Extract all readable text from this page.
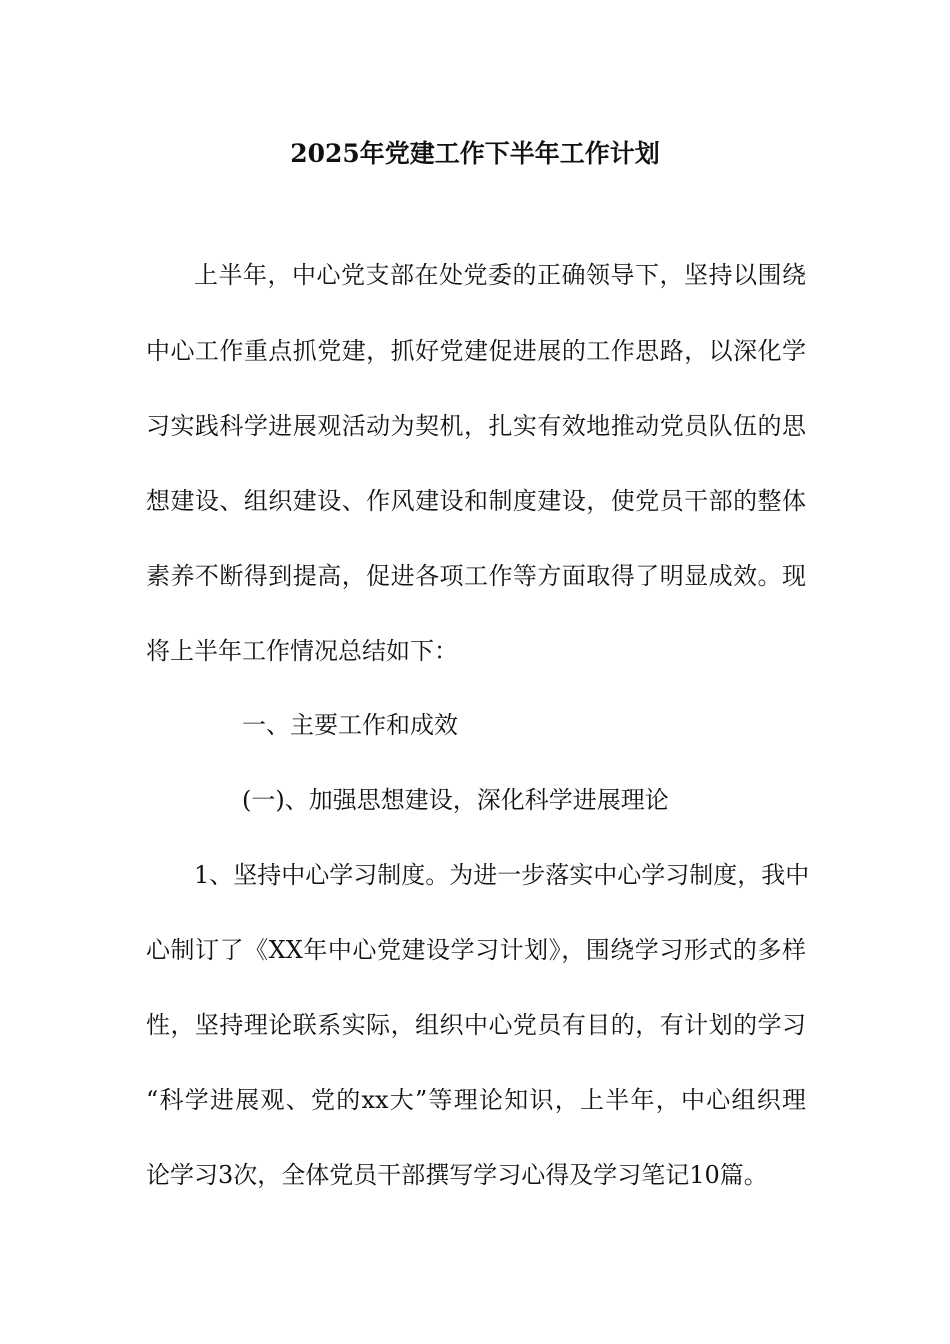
2025年党建工作下半年工作计划
上半年，中心党支部在处党委的正确领导下，坚持以围绕
中心工作重点抓党建，抓好党建促进展的工作思路，以深化学
习实践科学进展观活动为契机，扎实有效地推动党员队伍的思
想建设、组织建设、作风建设和制度建设，使党员干部的整体
素养不断得到提高，促进各项工作等方面取得了明显成效。现
将上半年工作情况总结如下：
一、主要工作和成效
(一)、加强思想建设，深化科学进展理论
1、坚持中心学习制度。为进一步落实中心学习制度，我中
心制订了《XX年中心党建设学习计划》，围绕学习形式的多样
性，坚持理论联系实际，组织中心党员有目的，有计划的学习
“科学进展观、党的xx大”等理论知识，上半年，中心组织理
论学习3次，全体党员干部撰写学习心得及学习笔记10篇。
